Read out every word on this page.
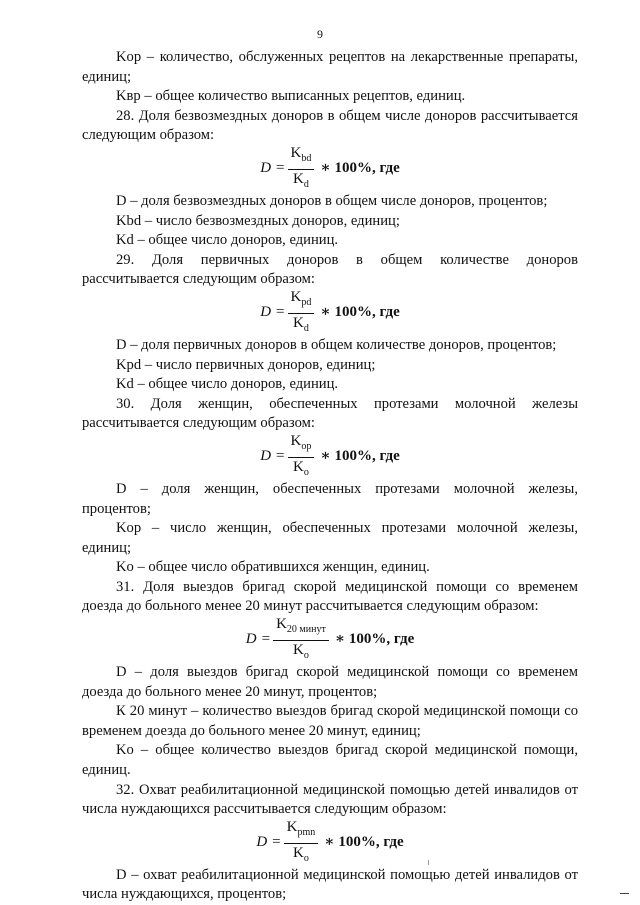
9

Kор – количество, обслуженных рецептов на лекарственные препараты, единиц;

Kвр – общее количество выписанных рецептов, единиц.

28. Доля безвозмездных доноров в общем числе доноров рассчитывается следующим образом:

$D = \frac{K_{bd}}{K_d}$ ∗ 100%, где

D – доля безвозмездных доноров в общем числе доноров, процентов;

Kbd – число безвозмездных доноров, единиц;

Kd – общее число доноров, единиц.

29. Доля первичных доноров в общем количестве доноров рассчитывается следующим образом:

$D = \frac{K_{pd}}{K_d}$ ∗ 100%, где

D – доля первичных доноров в общем количестве доноров, процентов;

Kpd – число первичных доноров, единиц;

Kd – общее число доноров, единиц.

30. Доля женщин, обеспеченных протезами молочной железы рассчитывается следующим образом:

$D = \frac{K_{op}}{K_o}$ ∗ 100%, где

D – доля женщин, обеспеченных протезами молочной железы, процентов;

Kор – число женщин, обеспеченных протезами молочной железы, единиц;

Kо – общее число обратившихся женщин, единиц.

31. Доля выездов бригад скорой медицинской помощи со временем доезда до больного менее 20 минут рассчитывается следующим образом:

$D = \frac{K_{20 минут}}{K_o}$ ∗ 100%, где

D – доля выездов бригад скорой медицинской помощи со временем доезда до больного менее 20 минут, процентов;

К 20 минут – количество выездов бригад скорой медицинской помощи со временем доезда до больного менее 20 минут, единиц;

Kо – общее количество выездов бригад скорой медицинской помощи, единиц.

32. Охват реабилитационной медицинской помощью детей инвалидов от числа нуждающихся рассчитывается следующим образом:

$D = \frac{K_{pmn}}{K_o}$ ∗ 100%, где

D – охват реабилитационной медицинской помощью детей инвалидов от числа нуждающихся, процентов;
